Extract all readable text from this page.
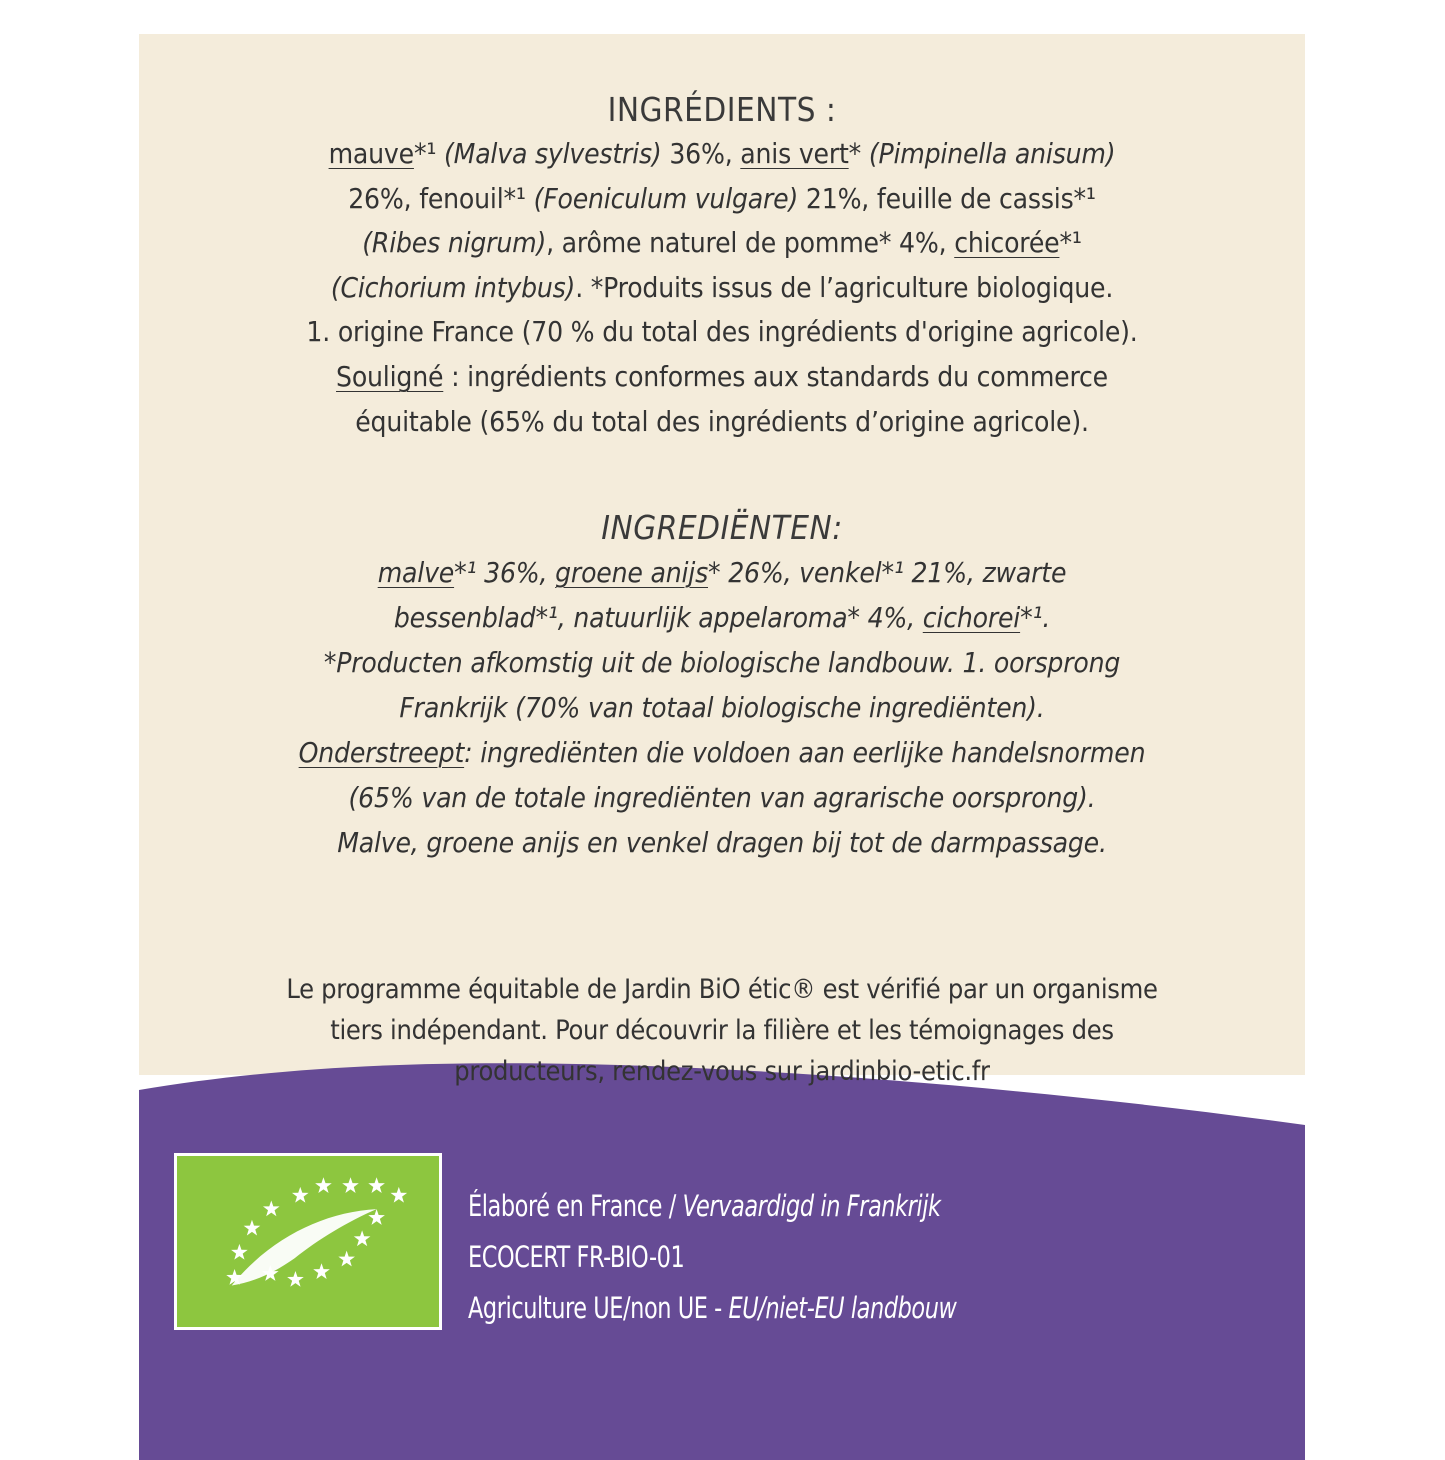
INGRÉDIENTS :
mauve*¹ (Malva sylvestris) 36%, anis vert* (Pimpinella anisum)
26%, fenouil*¹ (Foeniculum vulgare) 21%, feuille de cassis*¹
(Ribes nigrum), arôme naturel de pomme* 4%, chicorée*¹
(Cichorium intybus). *Produits issus de l’agriculture biologique.
1. origine France (70 % du total des ingrédients d'origine agricole).
Souligné : ingrédients conformes aux standards du commerce
équitable (65% du total des ingrédients d’origine agricole).
INGREDIËNTEN:
malve*¹ 36%, groene anijs* 26%, venkel*¹ 21%, zwarte
bessenblad*¹, natuurlijk appelaroma* 4%, cichorei*¹.
*Producten afkomstig uit de biologische landbouw. 1. oorsprong
Frankrijk (70% van totaal biologische ingrediënten).
Onderstreept: ingrediënten die voldoen aan eerlijke handelsnormen
(65% van de totale ingrediënten van agrarische oorsprong).
Malve, groene anijs en venkel dragen bij tot de darmpassage.
Le programme équitable de Jardin BiO étic® est vérifié par un organisme
tiers indépendant. Pour découvrir la filière et les témoignages des
producteurs, rendez-vous sur jardinbio-etic.fr
Élaboré en France / Vervaardigd in Frankrijk
ECOCERT FR-BIO-01
Agriculture UE/non UE - EU/niet-EU landbouw
